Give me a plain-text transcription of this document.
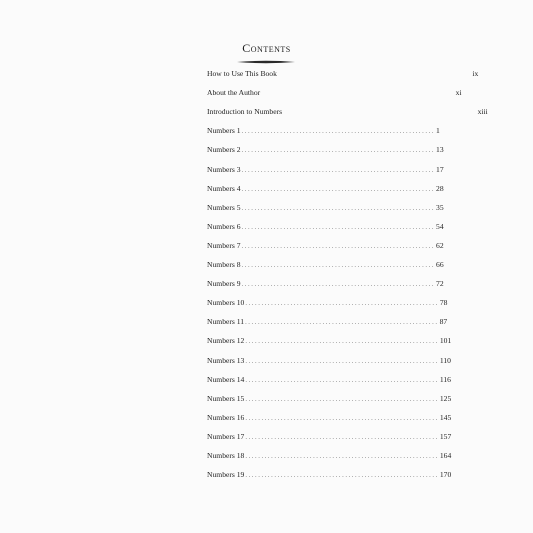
Contents
How to Use This Book	ix
About the Author	xi
Introduction to Numbers	xiii
Numbers 1 ............................................................ 1
Numbers 2 ............................................................ 13
Numbers 3 ............................................................ 17
Numbers 4 ............................................................ 28
Numbers 5 ............................................................ 35
Numbers 6 ............................................................ 54
Numbers 7 ............................................................ 62
Numbers 8 ............................................................ 66
Numbers 9 ............................................................ 72
Numbers 10 ............................................................ 78
Numbers 11 ............................................................ 87
Numbers 12 ............................................................ 101
Numbers 13 ............................................................ 110
Numbers 14 ............................................................ 116
Numbers 15 ............................................................ 125
Numbers 16 ............................................................ 145
Numbers 17 ............................................................ 157
Numbers 18 ............................................................ 164
Numbers 19 ............................................................ 170
